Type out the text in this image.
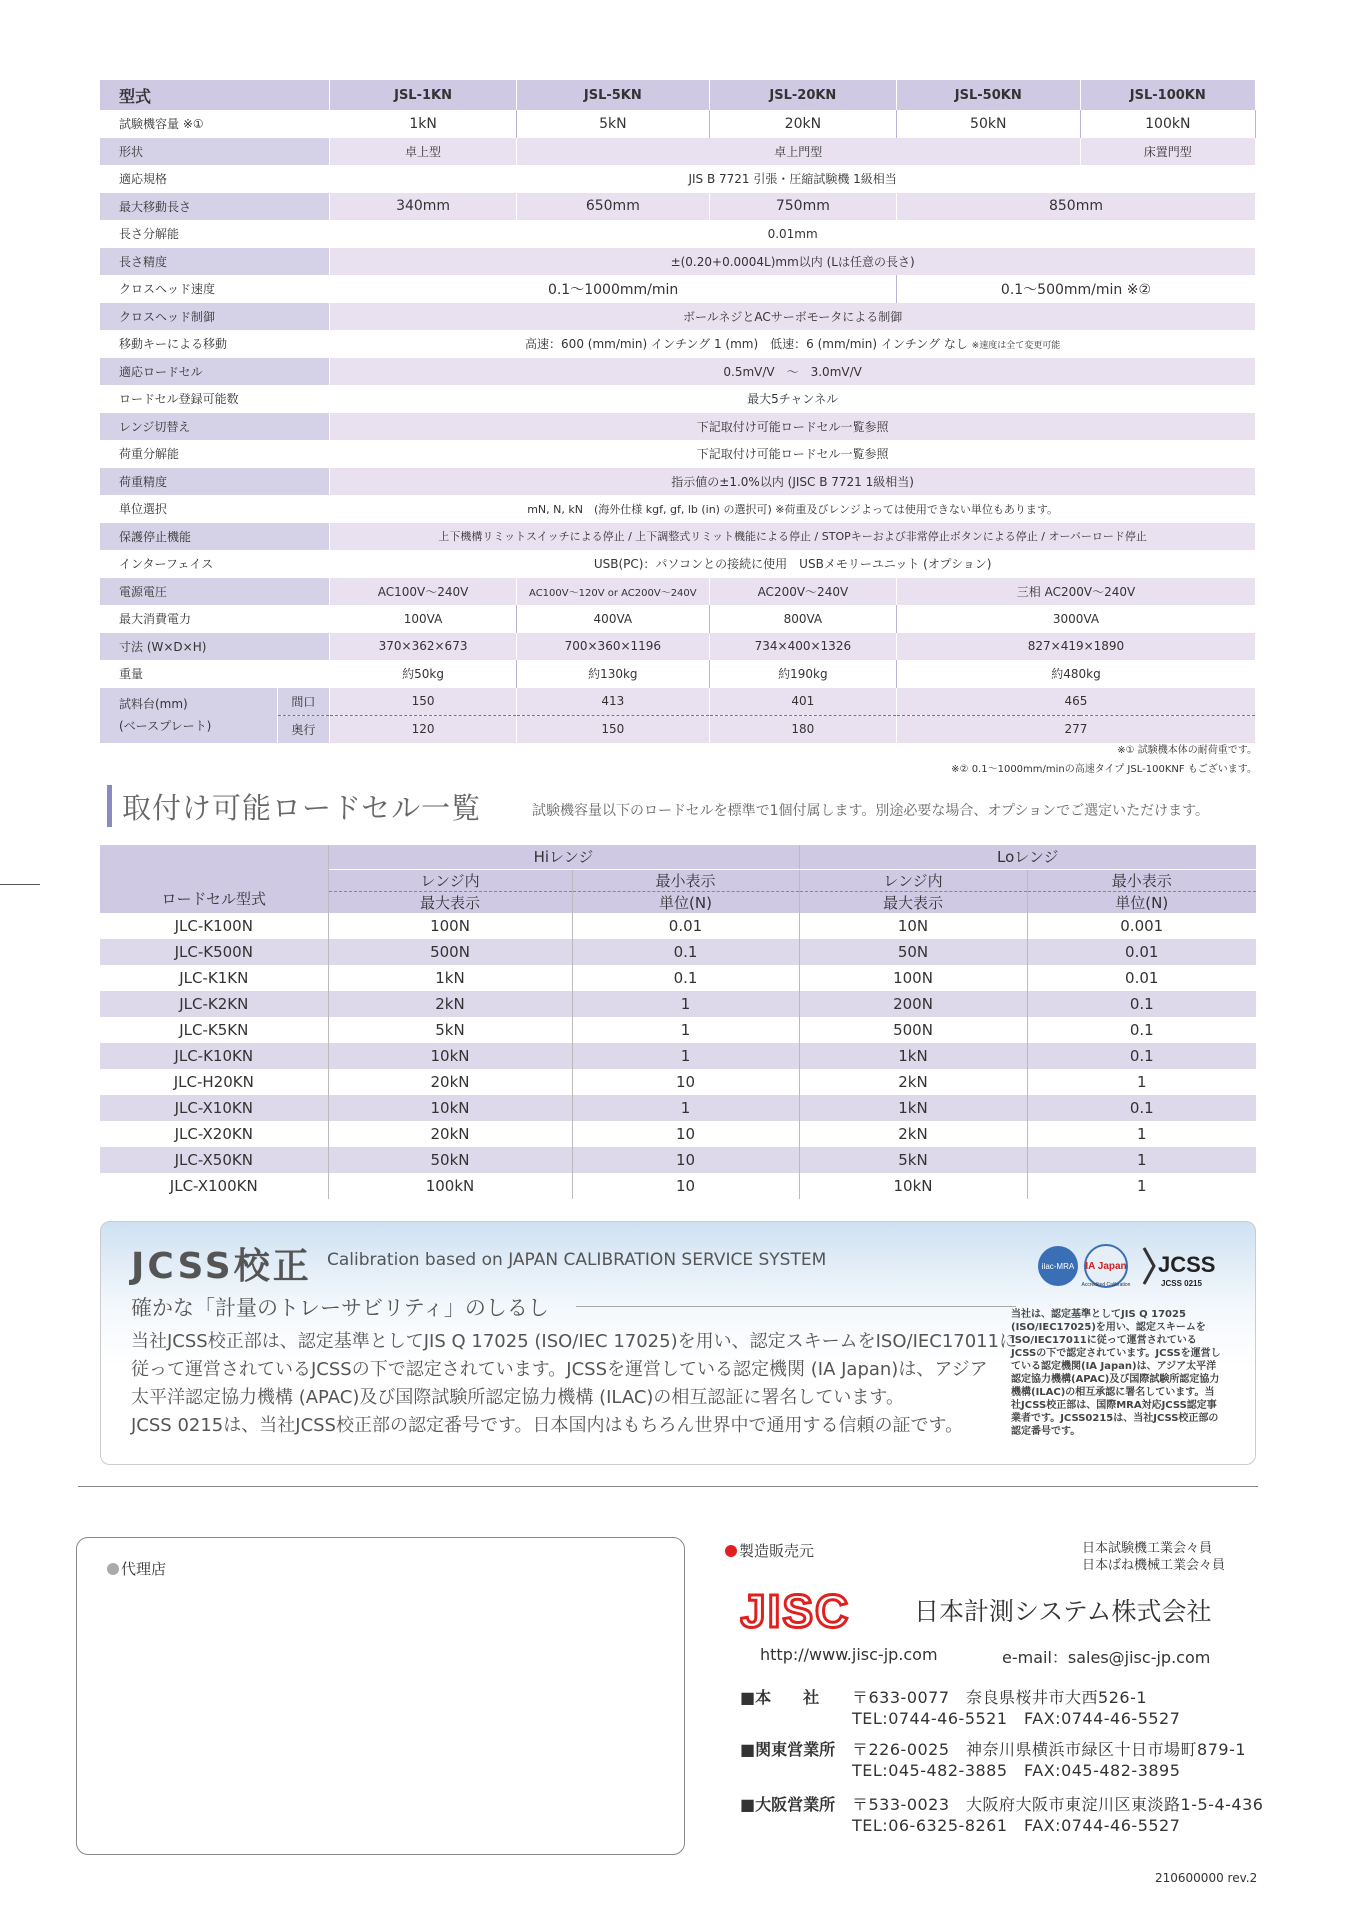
型式		JSL-1KN	JSL-5KN	JSL-20KN	JSL-50KN	JSL-100KN
試験機容量 ※①		1kN	5kN	20kN	50kN	100kN
形状		卓上型	卓上門型			床置門型
適応規格		JIS B 7721 引張・圧縮試験機 1級相当				
最大移動長さ		340mm	650mm	750mm	850mm	
長さ分解能		0.01mm				
長さ精度		±(0.20+0.0004L)mm以内 (Lは任意の長さ)				
クロスヘッド速度		0.1～1000mm/min			0.1～500mm/min ※②	
クロスヘッド制御		ボールネジとACサーボモータによる制御				
移動キーによる移動		高速：600 (mm/min) インチング 1 (mm)　低速：6 (mm/min) インチング なし ※速度は全て変更可能				
適応ロードセル		0.5mV/V　～　3.0mV/V				
ロードセル登録可能数		最大5チャンネル				
レンジ切替え		下記取付け可能ロードセル一覧参照				
荷重分解能		下記取付け可能ロードセル一覧参照				
荷重精度		指示値の±1.0%以内 (JISC B 7721 1級相当)				
単位選択		mN, N, kN　(海外仕様 kgf, gf, lb (in) の選択可) ※荷重及びレンジよっては使用できない単位もあります。				
保護停止機能		上下機構リミットスイッチによる停止 / 上下調整式リミット機能による停止 / STOPキーおよび非常停止ボタンによる停止 / オーバーロード停止				
インターフェイス		USB(PC)：パソコンとの接続に使用　USBメモリーユニット (オプション)				
電源電圧		AC100V～240V	AC100V～120V or AC200V～240V	AC200V～240V	三相 AC200V～240V	
最大消費電力		100VA	400VA	800VA	3000VA	
寸法 (W×D×H)		370×362×673	700×360×1196	734×400×1326	827×419×1890	
重量		約50kg	約130kg	約190kg	約480kg	

試料台(mm)
(ベースプレート)	間口	150	413	401	465	
	奥行	120	150	180	277	
※① 試験機本体の耐荷重です。
※② 0.1～1000mm/minの高速タイプ JSL-100KNF もございます。
取付け可能ロードセル一覧	試験機容量以下のロードセルを標準で1個付属します。別途必要な場合、オプションでご選定いただけます。
ロードセル型式	Hiレンジ		Loレンジ	
	レンジ内	最小表示	レンジ内	最小表示
	最大表示	単位(N)	最大表示	単位(N)
JLC-K100N	100N	0.01	10N	0.001
JLC-K500N	500N	0.1	50N	0.01
JLC-K1KN	1kN	0.1	100N	0.01
JLC-K2KN	2kN	1	200N	0.1
JLC-K5KN	5kN	1	500N	0.1
JLC-K10KN	10kN	1	1kN	0.1
JLC-H20KN	20kN	10	2kN	1
JLC-X10KN	10kN	1	1kN	0.1
JLC-X20KN	20kN	10	2kN	1
JLC-X50KN	50kN	10	5kN	1
JLC-X100KN	100kN	10	10kN	1
JCSS校正 Calibration based on JAPAN CALIBRATION SERVICE SYSTEM
確かな「計量のトレーサビリティ」のしるし
当社JCSS校正部は、認定基準としてJIS Q 17025 (ISO/IEC 17025)を用い、認定スキームをISO/IEC17011に
従って運営されているJCSSの下で認定されています。JCSSを運営している認定機関 (IA Japan)は、アジア
太平洋認定協力機構 (APAC)及び国際試験所認定協力機構 (ILAC)の相互認証に署名しています。
JCSS 0215は、当社JCSS校正部の認定番号です。日本国内はもちろん世界中で通用する信頼の証です。
ilac-MRA IA Japan
Accredited Calibration
JCSS
JCSS 0215
当社は、認定基準としてJIS Q 17025 (ISO/IEC17025)を用い、認定スキームをISO/IEC17011に従って運営されているJCSSの下で認定されています。JCSSを運営している認定機関(IA Japan)は、アジア太平洋認定協力機構(APAC)及び国際試験所認定協力機構(ILAC)の相互承認に署名しています。当社JCSS校正部は、国際MRA対応JCSS認定事業者です。JCSS0215は、当社JCSS校正部の認定番号です。
代理店
製造販売元	日本試験機工業会々員
日本ばね機械工業会々員
JISC	日本計測システム株式会社
http://www.jisc-jp.com	e-mail：sales@jisc-jp.com
■本　　社	〒633-0077　奈良県桜井市大西526-1
TEL:0744-46-5521　FAX:0744-46-5527
■関東営業所	〒226-0025　神奈川県横浜市緑区十日市場町879-1
TEL:045-482-3885　FAX:045-482-3895
■大阪営業所	〒533-0023　大阪府大阪市東淀川区東淡路1-5-4-436
TEL:06-6325-8261　FAX:0744-46-5527
210600000 rev.2
